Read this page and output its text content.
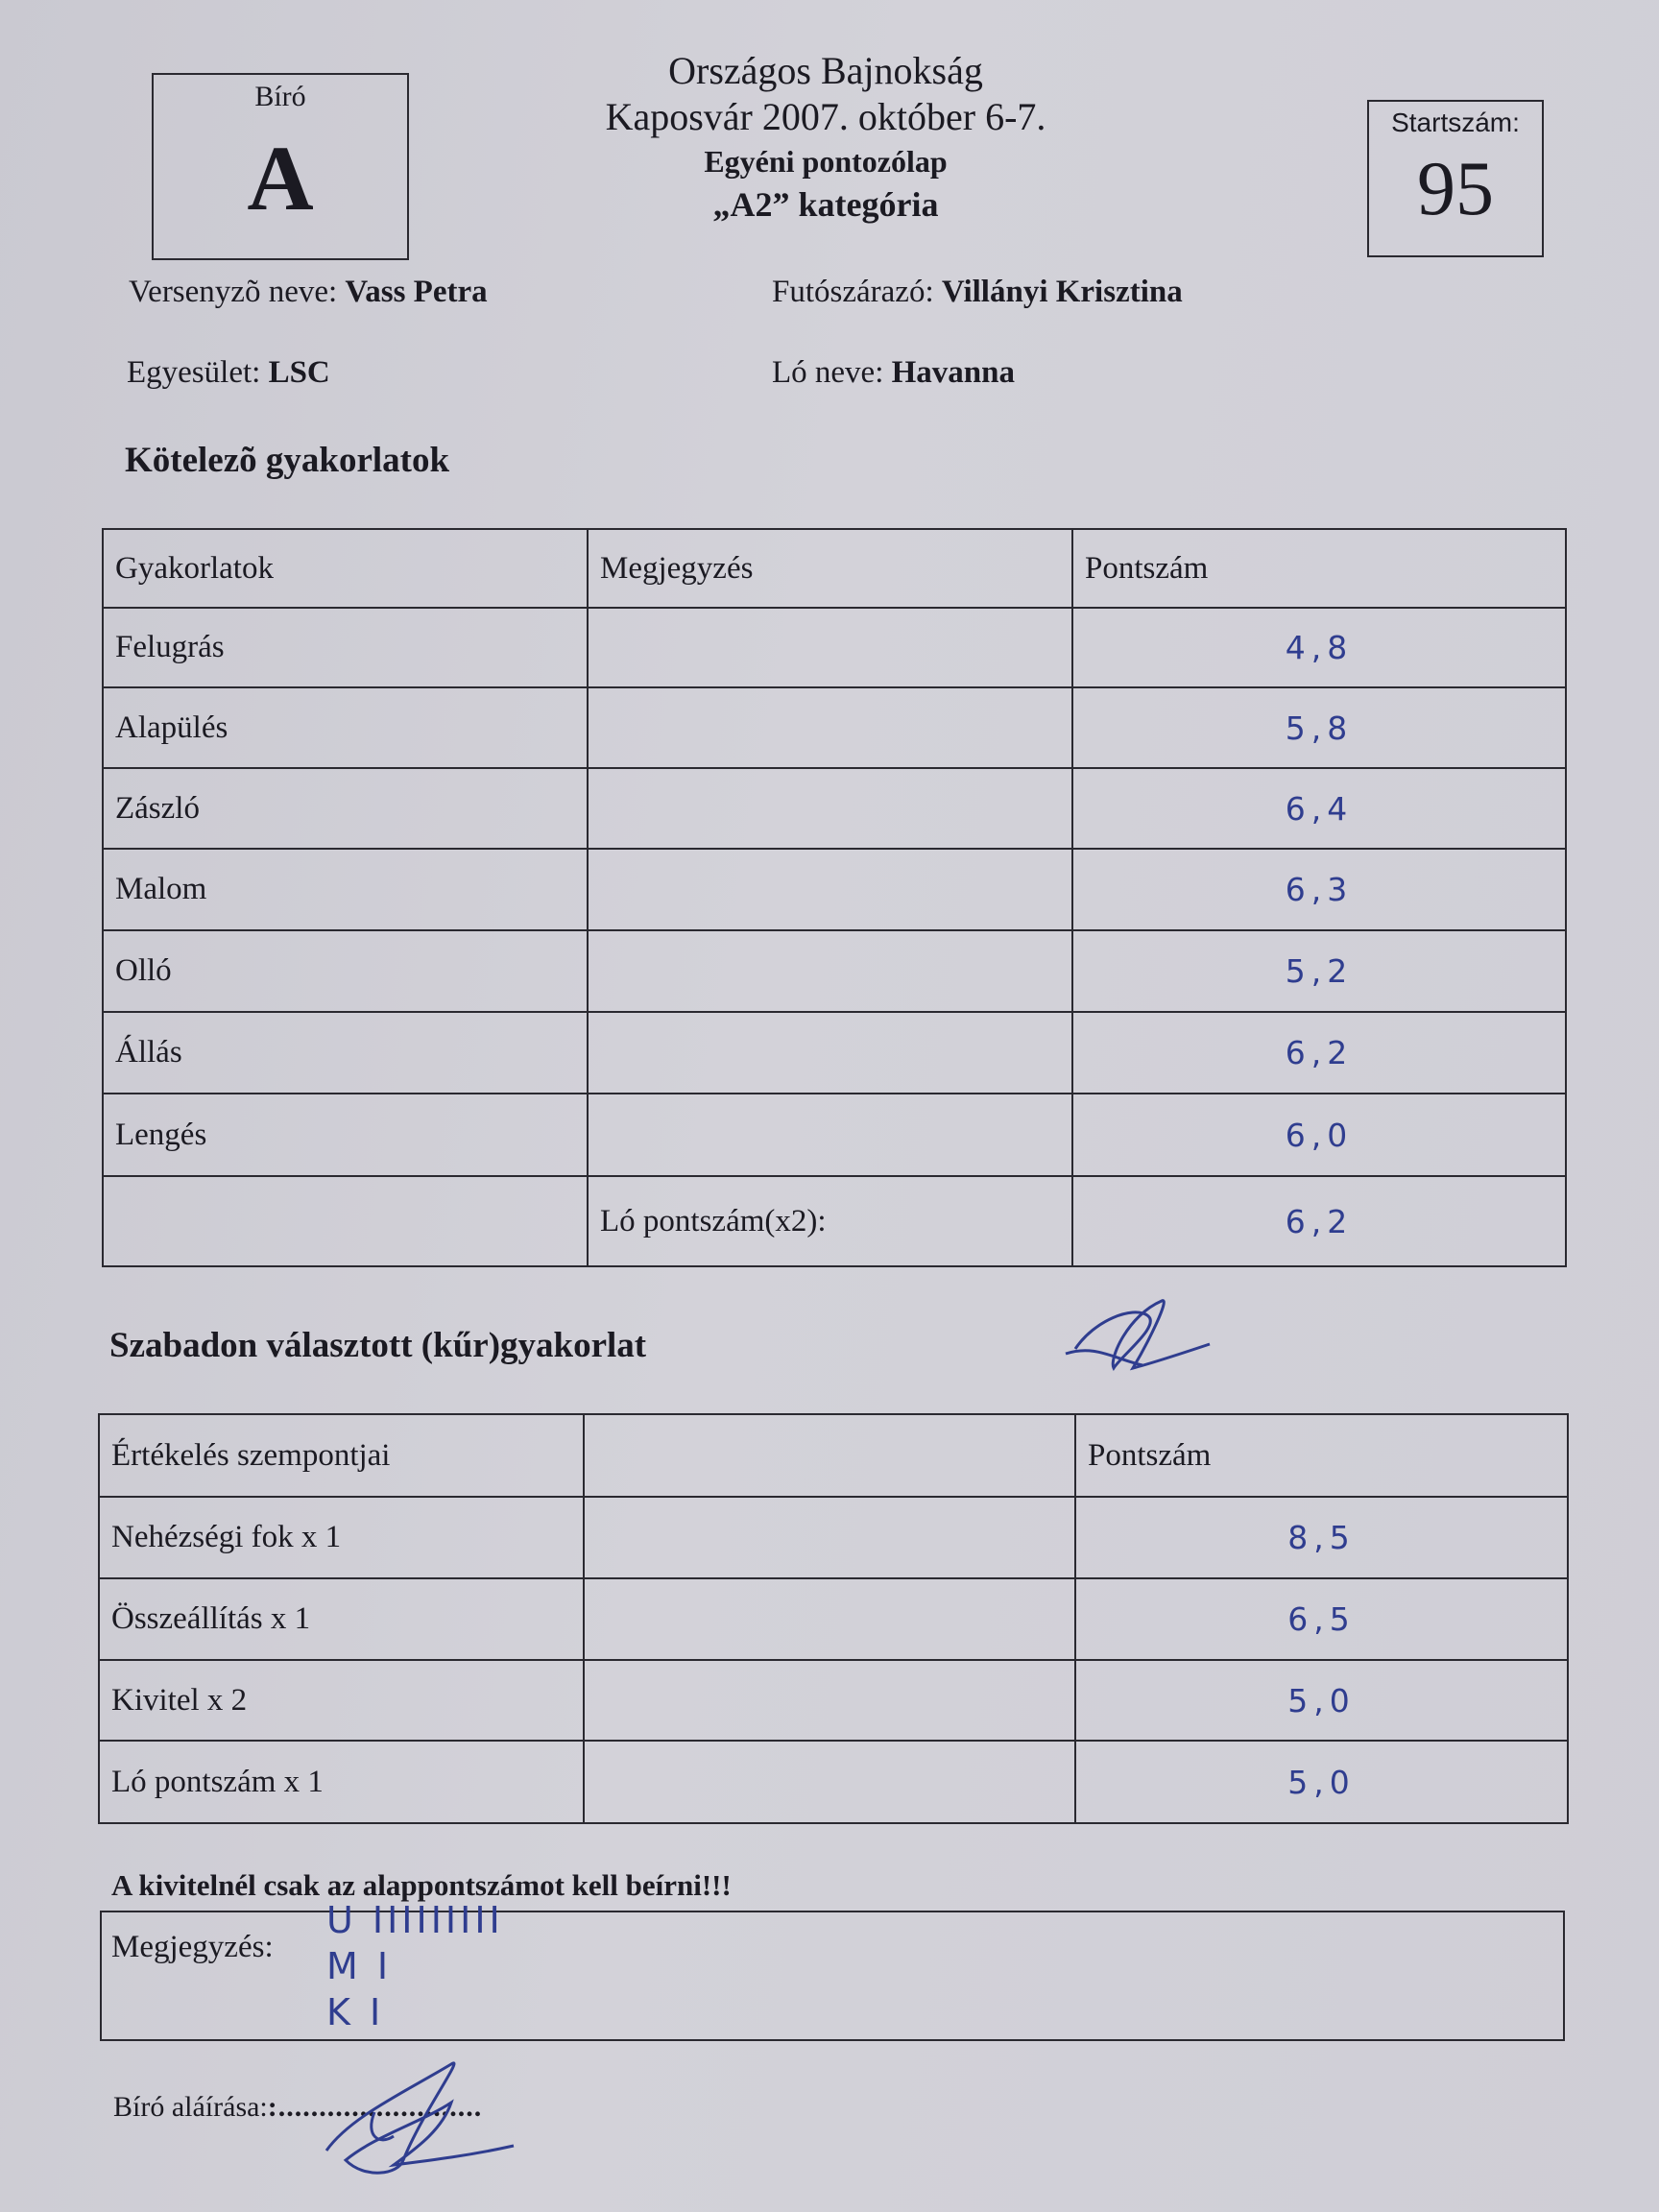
Bíró
A
Országos Bajnokság
Kaposvár 2007. október 6-7.
Egyéni pontozólap
„A2” kategória
Startszám:
95
Versenyzõ neve: Vass Petra	Futószárazó: Villányi Krisztina
Egyesület: LSC	Ló neve: Havanna
Kötelezõ gyakorlatok
Gyakorlatok	Megjegyzés	Pontszám
Felugrás		4,8
Alapülés		5,8
Zászló		6,4
Malom		6,3
Olló		5,2
Állás		6,2
Lengés		6,0
	Ló pontszám(x2):	6,2
Szabadon választott (kűr)gyakorlat
Értékelés szempontjai		Pontszám
Nehézségi fok x 1		8,5
Összeállítás x 1		6,5
Kivitel x 2		5,0
Ló pontszám x 1		5,0
A kivitelnél csak az alappontszámot kell beírni!!!
Megjegyzés:
U IIIIIIIII
M I
K I
Bíró aláírása::.........................
